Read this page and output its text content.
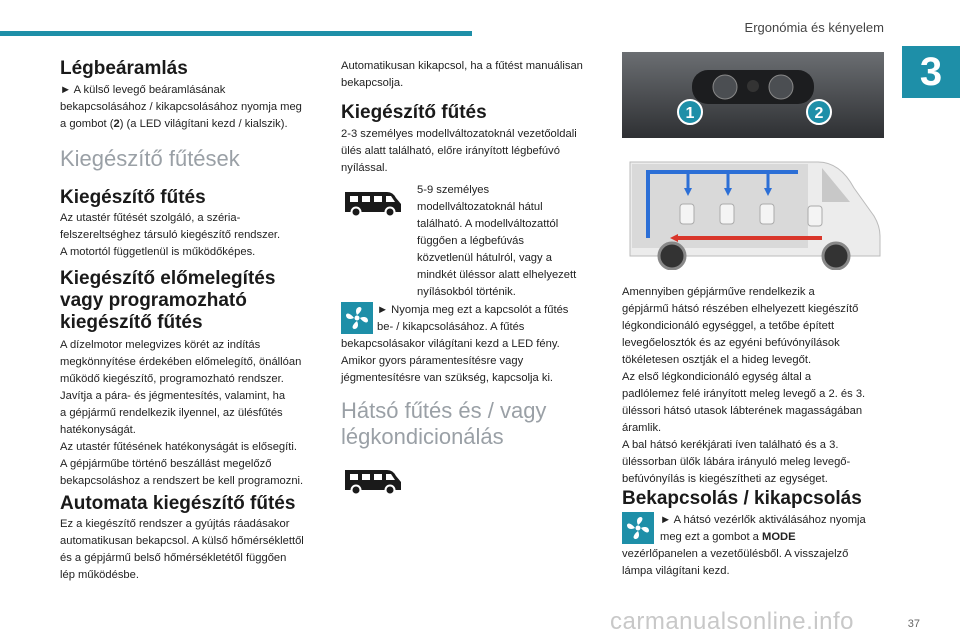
Ergonómia és kényelem
3
Légbeáramlás

► A külső levegő beáramlásának

bekapcsolásához / kikapcsolásához nyomja meg

a gombot (2) (a LED világítani kezd / kialszik).

Kiegészítő fűtések
Kiegészítő fűtés

Az utastér fűtését szolgáló, a széria-

felszereltséghez társuló kiegészítő rendszer.

A motortól függetlenül is működőképes.

Kiegészítő előmelegítés
vagy programozható
kiegészítő fűtés

A dízelmotor melegvizes körét az indítás

megkönnyítése érdekében előmelegítő, önállóan

működő kiegészítő, programozható rendszer.

Javítja a pára- és jégmentesítés, valamint, ha

a gépjármű rendelkezik ilyennel, az ülésfűtés

hatékonyságát.

Az utastér fűtésének hatékonyságát is elősegíti.

A gépjárműbe történő beszállást megelőző

bekapcsoláshoz a rendszert be kell programozni.

Automata kiegészítő fűtés

Ez a kiegészítő rendszer a gyújtás ráadásakor

automatikusan bekapcsol. A külső hőmérséklettől

és a gépjármű belső hőmérsékletétől függően

lép működésbe.

Automatikusan kikapcsol, ha a fűtést manuálisan

bekapcsolja.

Kiegészítő fűtés

2-3 személyes modellváltozatoknál vezetőoldali

ülés alatt található, előre irányított légbefúvó

nyílással.

5-9 személyes

modellváltozatoknál hátul

található. A modellváltozattól

függően a légbefúvás

közvetlenül hátulról, vagy a

mindkét üléssor alatt elhelyezett

nyílásokból történik.

► Nyomja meg ezt a kapcsolót a fűtés

be- / kikapcsolásához. A fűtés

bekapcsolásakor világítani kezd a LED fény.

Amikor gyors páramentesítésre vagy

jégmentesítésre van szükség, kapcsolja ki.

Hátsó fűtés és / vagy
légkondicionálás
1	2

Amennyiben gépjárműve rendelkezik a

gépjármű hátsó részében elhelyezett kiegészítő

légkondicionáló egységgel, a tetőbe épített

levegőelosztók és az egyéni befúvónyílások

tökéletesen osztják el a hideg levegőt.

Az első légkondicionáló egység által a

padlólemez felé irányított meleg levegő a 2. és 3.

üléssori hátsó utasok lábterének magasságában

áramlik.

A bal hátsó kerékjárati íven található és a 3.

üléssorban ülők lábára irányuló meleg levegő-

befúvónyílás is kiegészítheti az egységet.

Bekapcsolás / kikapcsolás

► A hátsó vezérlők aktiválásához nyomja

meg ezt a gombot a MODE

vezérlőpanelen a vezetőülésből. A visszajelző

lámpa világítani kezd.

carmanualsonline.info	37
